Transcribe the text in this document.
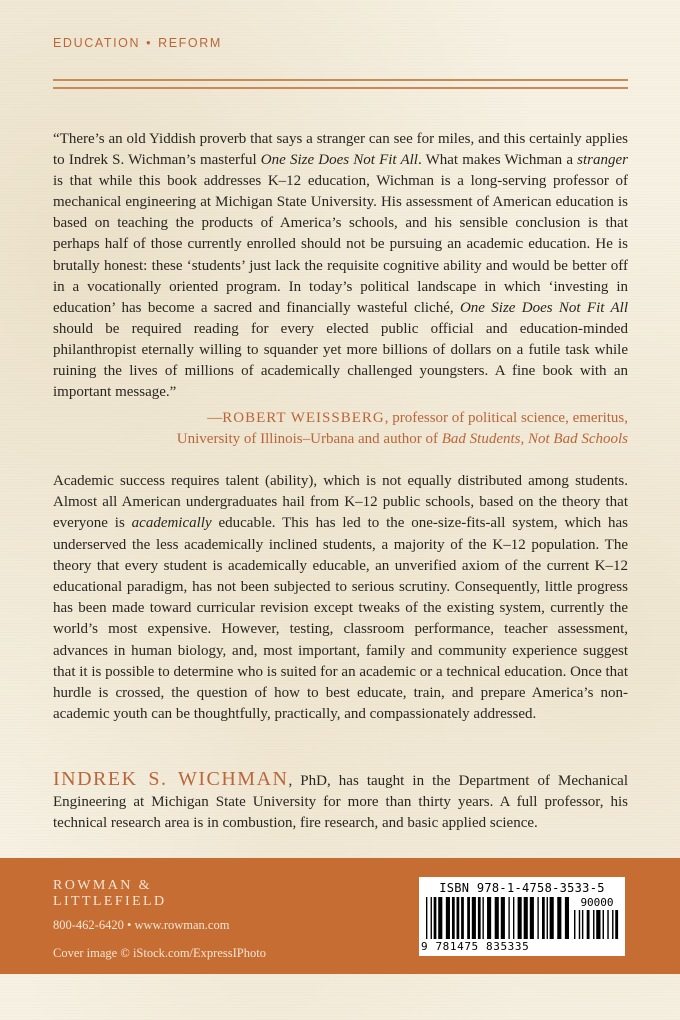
EDUCATION • REFORM

“There’s an old Yiddish proverb that says a stranger can see for miles, and this certainly applies to Indrek S. Wichman’s masterful One Size Does Not Fit All. What makes Wichman a stranger is that while this book addresses K–12 education, Wichman is a long-serving professor of mechanical engineering at Michigan State University. His assessment of American education is based on teaching the products of America’s schools, and his sensible conclusion is that perhaps half of those currently enrolled should not be pursuing an academic education. He is brutally honest: these ‘students’ just lack the requisite cognitive ability and would be better off in a vocationally oriented program. In today’s political landscape in which ‘investing in education’ has become a sacred and financially wasteful cliché, One Size Does Not Fit All should be required reading for every elected public official and education-minded philanthropist eternally willing to squander yet more billions of dollars on a futile task while ruining the lives of millions of academically challenged youngsters. A fine book with an important message.”

—ROBERT WEISSBERG, professor of political science, emeritus,
University of Illinois–Urbana and author of Bad Students, Not Bad Schools

Academic success requires talent (ability), which is not equally distributed among students. Almost all American undergraduates hail from K–12 public schools, based on the theory that everyone is academically educable. This has led to the one-size-fits-all system, which has underserved the less academically inclined students, a majority of the K–12 population. The theory that every student is academically educable, an unverified axiom of the current K–12 educational paradigm, has not been subjected to serious scrutiny. Consequently, little progress has been made toward curricular revision except tweaks of the existing system, currently the world’s most expensive. However, testing, classroom performance, teacher assessment, advances in human biology, and, most important, family and community experience suggest that it is possible to determine who is suited for an academic or a technical education. Once that hurdle is crossed, the question of how to best educate, train, and prepare America’s non-academic youth can be thoughtfully, practically, and compassionately addressed.

INDREK S. WICHMAN, PhD, has taught in the Department of Mechanical Engineering at Michigan State University for more than thirty years. A full professor, his technical research area is in combustion, fire research, and basic applied science.

ROWMAN &
LITTLEFIELD
800-462-6420 • www.rowman.com
Cover image © iStock.com/ExpressIPhoto
ISBN 978-1-4758-3533-5
90000
9 781475 835335
